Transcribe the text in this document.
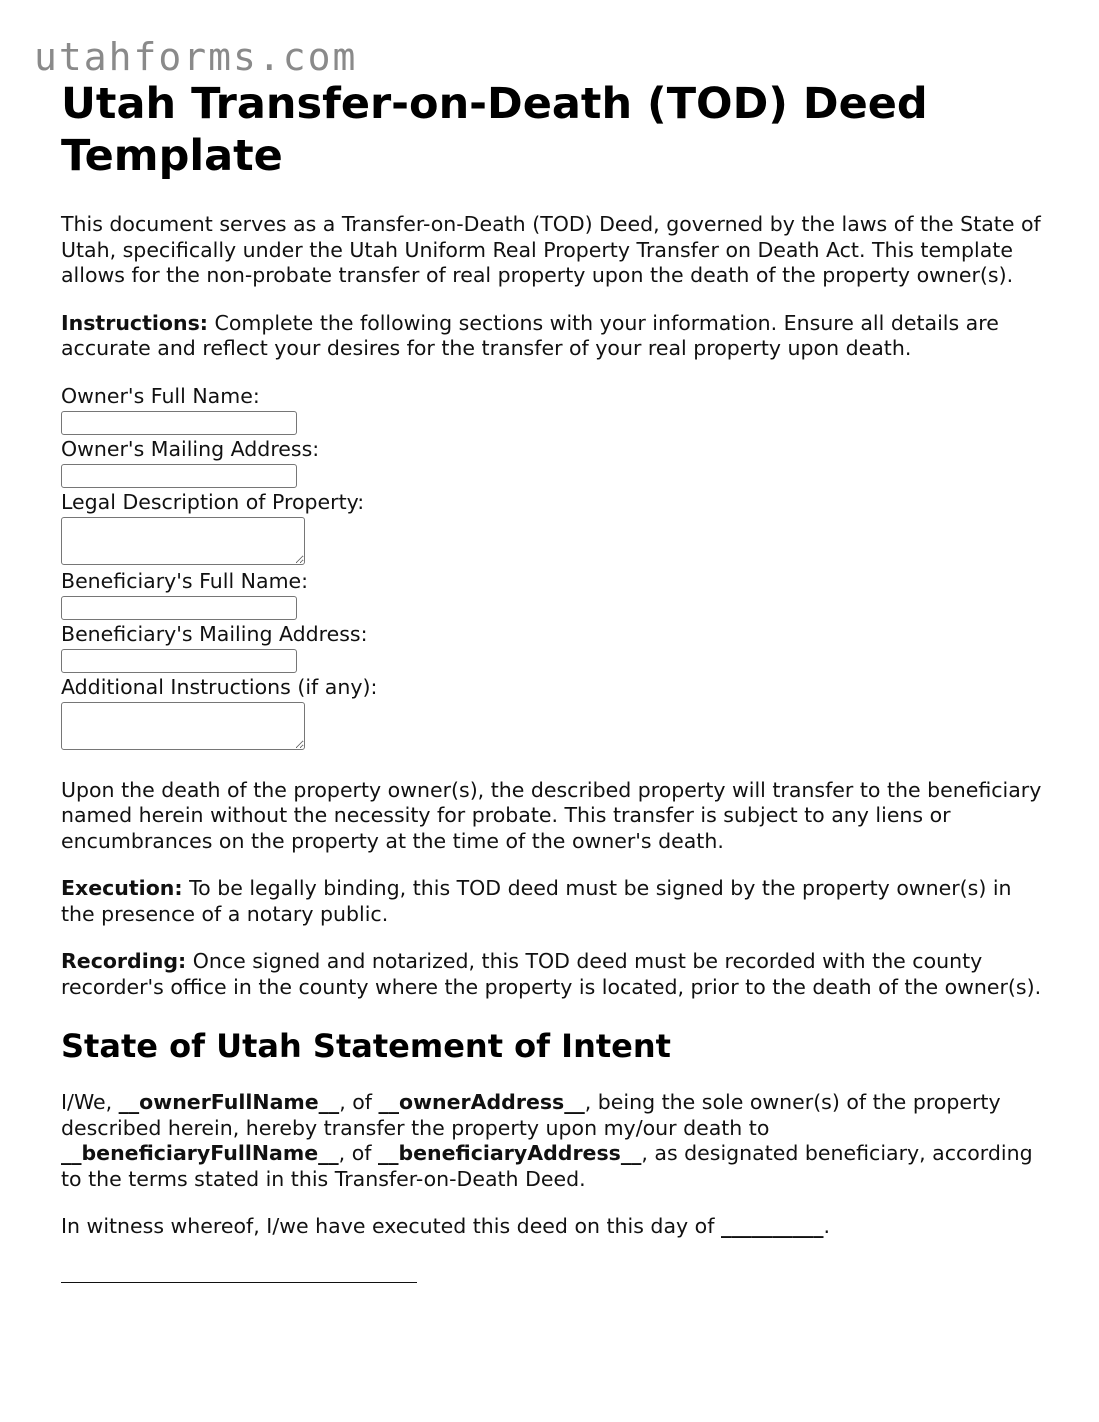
utahforms.com
Utah Transfer-on-Death (TOD) Deed Template

This document serves as a Transfer-on-Death (TOD) Deed, governed by the laws of the State of Utah, specifically under the Utah Uniform Real Property Transfer on Death Act. This template allows for the non-probate transfer of real property upon the death of the property owner(s).

Instructions: Complete the following sections with your information. Ensure all details are accurate and reflect your desires for the transfer of your real property upon death.

Owner's Full Name:
Owner's Mailing Address:
Legal Description of Property:
Beneficiary's Full Name:
Beneficiary's Mailing Address:
Additional Instructions (if any):

Upon the death of the property owner(s), the described property will transfer to the beneficiary named herein without the necessity for probate. This transfer is subject to any liens or encumbrances on the property at the time of the owner's death.

Execution: To be legally binding, this TOD deed must be signed by the property owner(s) in the presence of a notary public.

Recording: Once signed and notarized, this TOD deed must be recorded with the county recorder's office in the county where the property is located, prior to the death of the owner(s).

State of Utah Statement of Intent

I/We, __ownerFullName__, of __ownerAddress__, being the sole owner(s) of the property described herein, hereby transfer the property upon my/our death to __beneficiaryFullName__, of __beneficiaryAddress__, as designated beneficiary, according to the terms stated in this Transfer-on-Death Deed.

In witness whereof, I/we have executed this deed on this day of __________.
